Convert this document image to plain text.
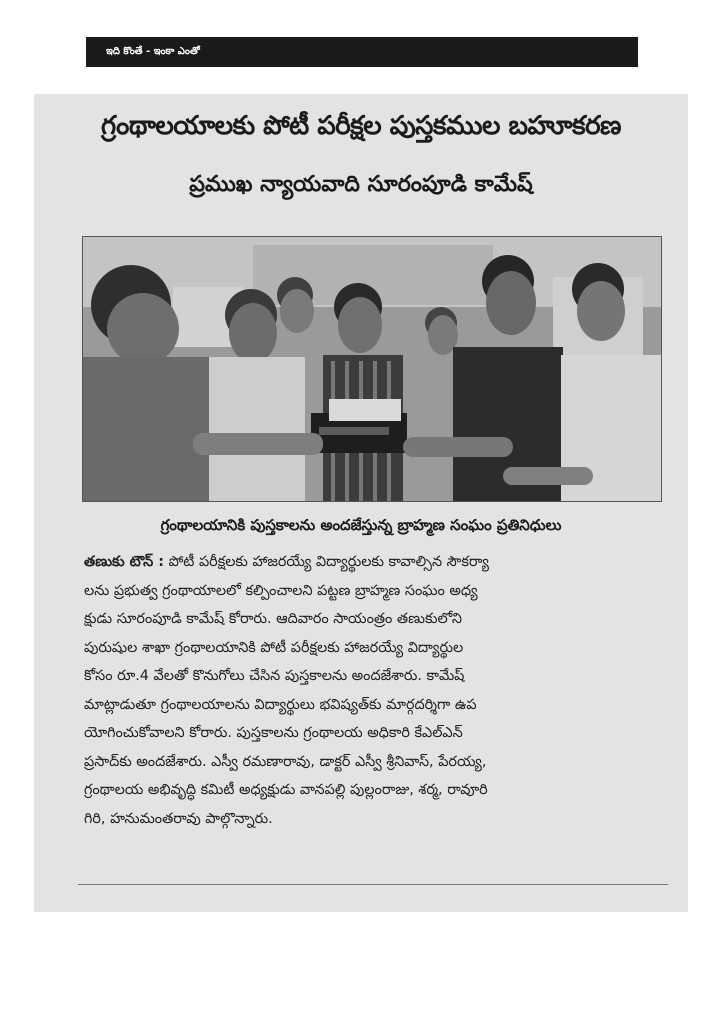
ఇది కొంతే - ఇంకా ఎంతో
గ్రంథాలయాలకు పోటీ పరీక్షల పుస్తకముల బహూకరణ
ప్రముఖ న్యాయవాది సూరంపూడి కామేష్
గ్రంథాలయానికి పుస్తకాలను అందజేస్తున్న బ్రాహ్మణ సంఘం ప్రతినిధులు
తణుకు టౌన్ : పోటీ పరీక్షలకు హాజరయ్యే విద్యార్థులకు కావాల్సిన సౌకర్యా
లను ప్రభుత్వ గ్రంథాయాలలో కల్పించాలని పట్టణ బ్రాహ్మణ సంఘం అధ్య
క్షుడు సూరంపూడి కామేష్ కోరారు. ఆదివారం సాయంత్రం తణుకులోని
పురుషుల శాఖా గ్రంథాలయానికి పోటీ పరీక్షలకు హాజరయ్యే విద్యార్థుల
కోసం రూ.4 వేలతో కొనుగోలు చేసిన పుస్తకాలను అందజేశారు. కామేష్
మాట్లాడుతూ గ్రంథాలయాలను విద్యార్థులు భవిష్యత్‌కు మార్గదర్శిగా ఉప
యోగించుకోవాలని కోరారు. పుస్తకాలను గ్రంథాలయ అధికారి కేఎల్‌ఎన్
ప్రసాద్‌కు అందజేశారు. ఎస్వీ రమణారావు, డాక్టర్ ఎస్వీ శ్రీనివాస్, పేరయ్య,
గ్రంథాలయ అభివృద్ధి కమిటీ అధ్యక్షుడు వానపల్లి పుల్లంరాజు, శర్మ, రావూరి
గిరి, హనుమంతరావు పాల్గొన్నారు.
